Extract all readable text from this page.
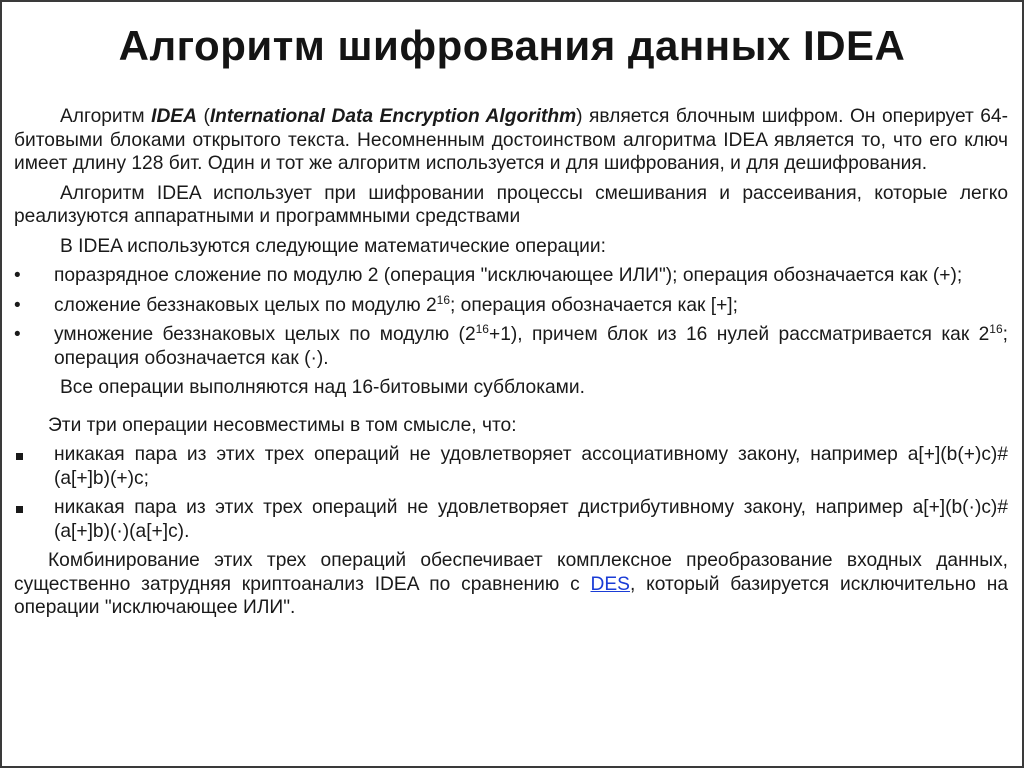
Алгоритм шифрования данных IDEA

Алгоритм IDEA (International Data Encryption Algorithm) является блочным шифром. Он оперирует 64-битовыми блоками открытого текста. Несомненным достоинством алгоритма IDEA является то, что его ключ имеет длину 128 бит. Один и тот же алгоритм используется и для шифрования, и для дешифрования.

Алгоритм IDEA использует при шифровании процессы смешивания и рассеивания, которые легко реализуются аппаратными и программными средствами

В IDEA используются следующие математические операции:

•	поразрядное сложение по модулю 2 (операция "исключающее ИЛИ"); операция обозначается как (+);
•	сложение беззнаковых целых по модулю $2^{16}$; операция обозначается как [+];
•	умножение беззнаковых целых по модулю $(2^{16}+1)$, причем блок из 16 нулей рассматривается как $2^{16}$; операция обозначается как (·).

Все операции выполняются над 16-битовыми субблоками.

Эти три операции несовместимы в том смысле, что:

никакая пара из этих трех операций не удовлетворяет ассоциативному закону, например a[+](b(+)c)#(a[+]b)(+)c;
никакая пара из этих трех операций не удовлетворяет дистрибутивному закону, например a[+](b(·)c)#(a[+]b)(·)(a[+]c).

Комбинирование этих трех операций обеспечивает комплексное преобразование входных данных, существенно затрудняя криптоанализ IDEA по сравнению с DES, который базируется исключительно на операции "исключающее ИЛИ".
